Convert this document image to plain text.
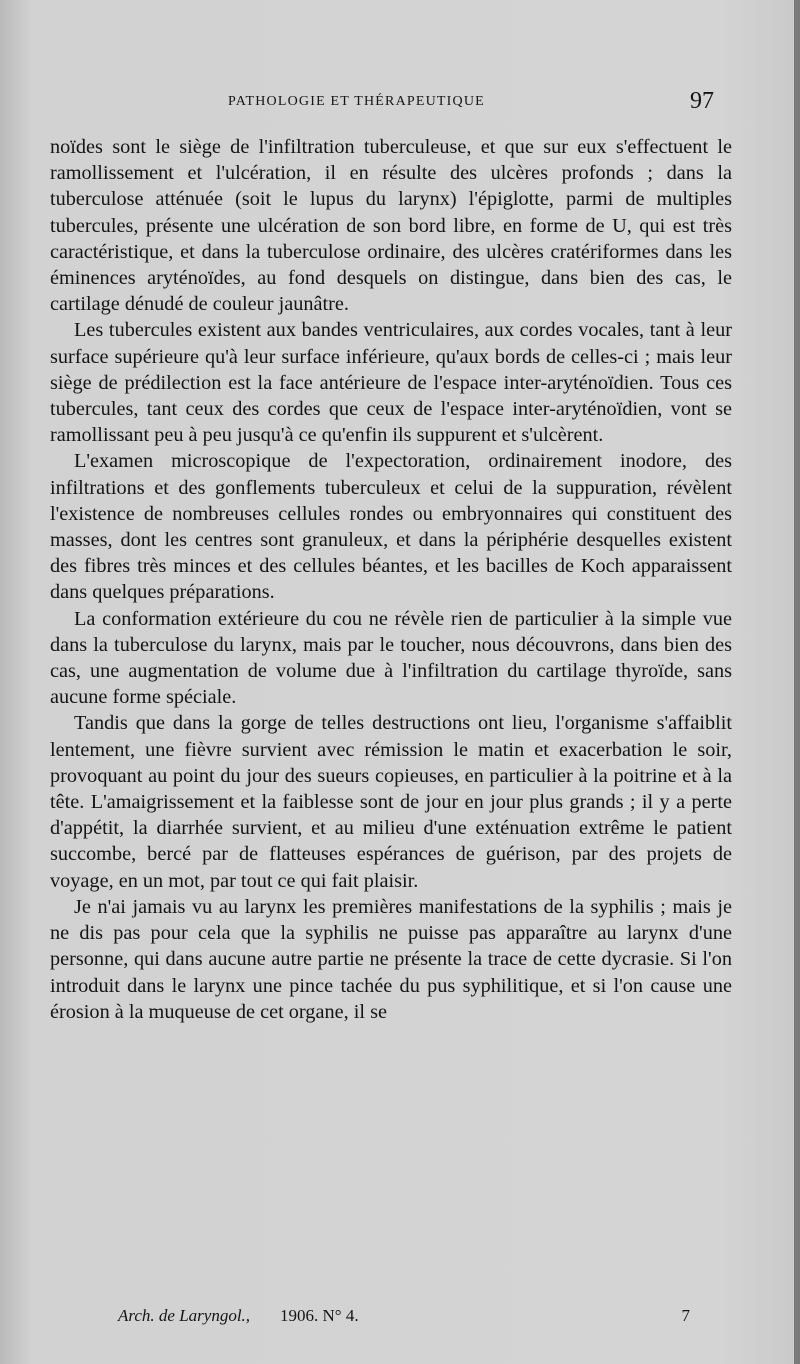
PATHOLOGIE ET THÉRAPEUTIQUE	97

noïdes sont le siège de l'infiltration tuberculeuse, et que sur eux s'effectuent le ramollissement et l'ulcération, il en résulte des ulcères profonds ; dans la tuberculose atténuée (soit le lupus du larynx) l'épiglotte, parmi de multiples tubercules, présente une ulcération de son bord libre, en forme de U, qui est très caractéristique, et dans la tuberculose ordinaire, des ulcères cratériformes dans les éminences aryténoïdes, au fond desquels on distingue, dans bien des cas, le cartilage dénudé de couleur jaunâtre.

Les tubercules existent aux bandes ventriculaires, aux cordes vocales, tant à leur surface supérieure qu'à leur surface inférieure, qu'aux bords de celles-ci ; mais leur siège de prédilection est la face antérieure de l'espace inter-aryténoïdien. Tous ces tubercules, tant ceux des cordes que ceux de l'espace inter-aryténoïdien, vont se ramollissant peu à peu jusqu'à ce qu'enfin ils suppurent et s'ulcèrent.

L'examen microscopique de l'expectoration, ordinairement inodore, des infiltrations et des gonflements tuberculeux et celui de la suppuration, révèlent l'existence de nombreuses cellules rondes ou embryonnaires qui constituent des masses, dont les centres sont granuleux, et dans la périphérie desquelles existent des fibres très minces et des cellules béantes, et les bacilles de Koch apparaissent dans quelques préparations.

La conformation extérieure du cou ne révèle rien de particulier à la simple vue dans la tuberculose du larynx, mais par le toucher, nous découvrons, dans bien des cas, une augmentation de volume due à l'infiltration du cartilage thyroïde, sans aucune forme spéciale.

Tandis que dans la gorge de telles destructions ont lieu, l'organisme s'affaiblit lentement, une fièvre survient avec rémission le matin et exacerbation le soir, provoquant au point du jour des sueurs copieuses, en particulier à la poitrine et à la tête. L'amaigrissement et la faiblesse sont de jour en jour plus grands ; il y a perte d'appétit, la diarrhée survient, et au milieu d'une exténuation extrême le patient succombe, bercé par de flatteuses espérances de guérison, par des projets de voyage, en un mot, par tout ce qui fait plaisir.

Je n'ai jamais vu au larynx les premières manifestations de la syphilis ; mais je ne dis pas pour cela que la syphilis ne puisse pas apparaître au larynx d'une personne, qui dans aucune autre partie ne présente la trace de cette dycrasie. Si l'on introduit dans le larynx une pince tachée du pus syphilitique, et si l'on cause une érosion à la muqueuse de cet organe, il se

Arch. de Laryngol., 1906. N° 4.	7
